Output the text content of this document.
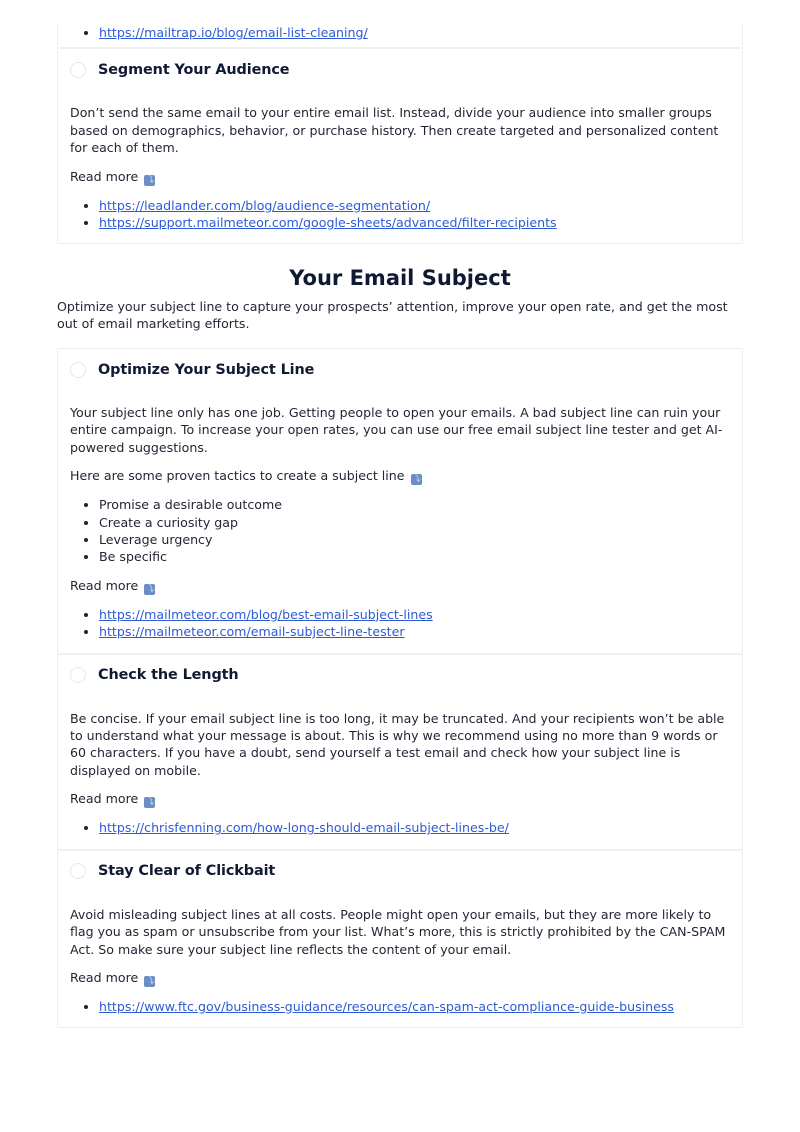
• https://mailtrap.io/blog/email-list-cleaning/
Segment Your Audience

Don’t send the same email to your entire email list. Instead, divide your audience into smaller groups based on demographics, behavior, or purchase history. Then create targeted and personalized content for each of them.

Read more ⤵

• https://leadlander.com/blog/audience-segmentation/
• https://support.mailmeteor.com/google-sheets/advanced/filter-recipients
Your Email Subject

Optimize your subject line to capture your prospects’ attention, improve your open rate, and get the most out of email marketing efforts.

Optimize Your Subject Line

Your subject line only has one job. Getting people to open your emails. A bad subject line can ruin your entire campaign. To increase your open rates, you can use our free email subject line tester and get AI-powered suggestions.

Here are some proven tactics to create a subject line ⤵

• Promise a desirable outcome
• Create a curiosity gap
• Leverage urgency
• Be specific

Read more ⤵

• https://mailmeteor.com/blog/best-email-subject-lines
• https://mailmeteor.com/email-subject-line-tester
Check the Length

Be concise. If your email subject line is too long, it may be truncated. And your recipients won’t be able to understand what your message is about. This is why we recommend using no more than 9 words or 60 characters. If you have a doubt, send yourself a test email and check how your subject line is displayed on mobile.

Read more ⤵

• https://chrisfenning.com/how-long-should-email-subject-lines-be/
Stay Clear of Clickbait

Avoid misleading subject lines at all costs. People might open your emails, but they are more likely to flag you as spam or unsubscribe from your list. What’s more, this is strictly prohibited by the CAN-SPAM Act. So make sure your subject line reflects the content of your email.

Read more ⤵

• https://www.ftc.gov/business-guidance/resources/can-spam-act-compliance-guide-business
